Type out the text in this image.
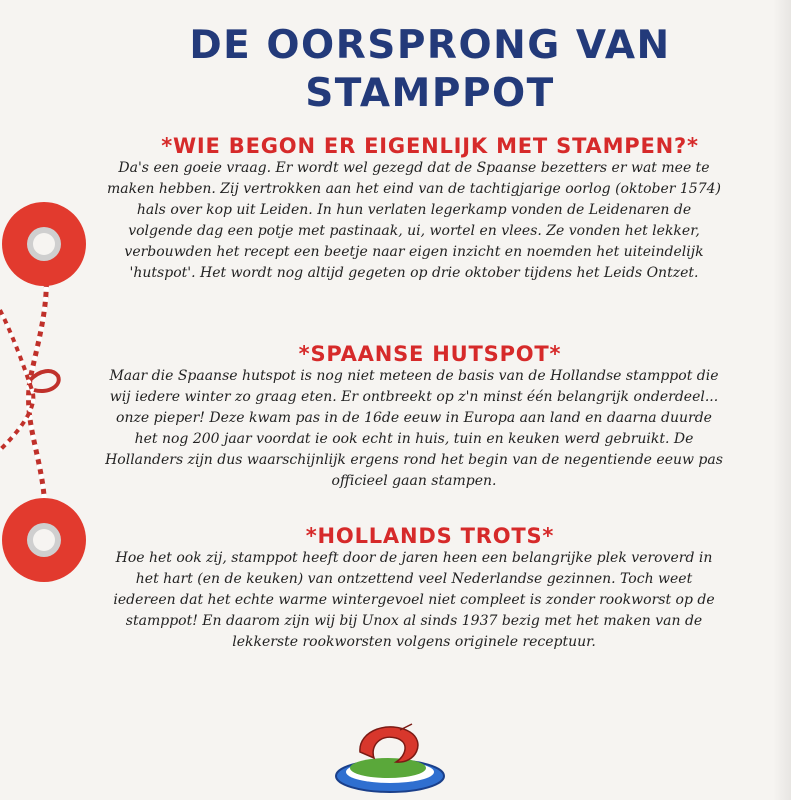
DE OORSPRONG VAN STAMPPOT
*WIE BEGON ER EIGENLIJK MET STAMPEN?*
Da's een goeie vraag. Er wordt wel gezegd dat de Spaanse bezetters er wat mee te maken hebben. Zij vertrokken aan het eind van de tachtigjarige oorlog (oktober 1574) hals over kop uit Leiden. In hun verlaten legerkamp vonden de Leidenaren de volgende dag een potje met pastinaak, ui, wortel en vlees. Ze vonden het lekker, verbouwden het recept een beetje naar eigen inzicht en noemden het uiteindelijk 'hutspot'. Het wordt nog altijd gegeten op drie oktober tijdens het Leids Ontzet.
*SPAANSE HUTSPOT*
Maar die Spaanse hutspot is nog niet meteen de basis van de Hollandse stamppot die wij iedere winter zo graag eten. Er ontbreekt op z'n minst één belangrijk onderdeel... onze pieper! Deze kwam pas in de 16de eeuw in Europa aan land en daarna duurde het nog 200 jaar voordat ie ook echt in huis, tuin en keuken werd gebruikt. De Hollanders zijn dus waarschijnlijk ergens rond het begin van de negentiende eeuw pas officieel gaan stampen.
*HOLLANDS TROTS*
Hoe het ook zij, stamppot heeft door de jaren heen een belangrijke plek veroverd in het hart (en de keuken) van ontzettend veel Nederlandse gezinnen. Toch weet iedereen dat het echte warme wintergevoel niet compleet is zonder rookworst op de stamppot! En daarom zijn wij bij Unox al sinds 1937 bezig met het maken van de lekkerste rookworsten volgens originele receptuur.
